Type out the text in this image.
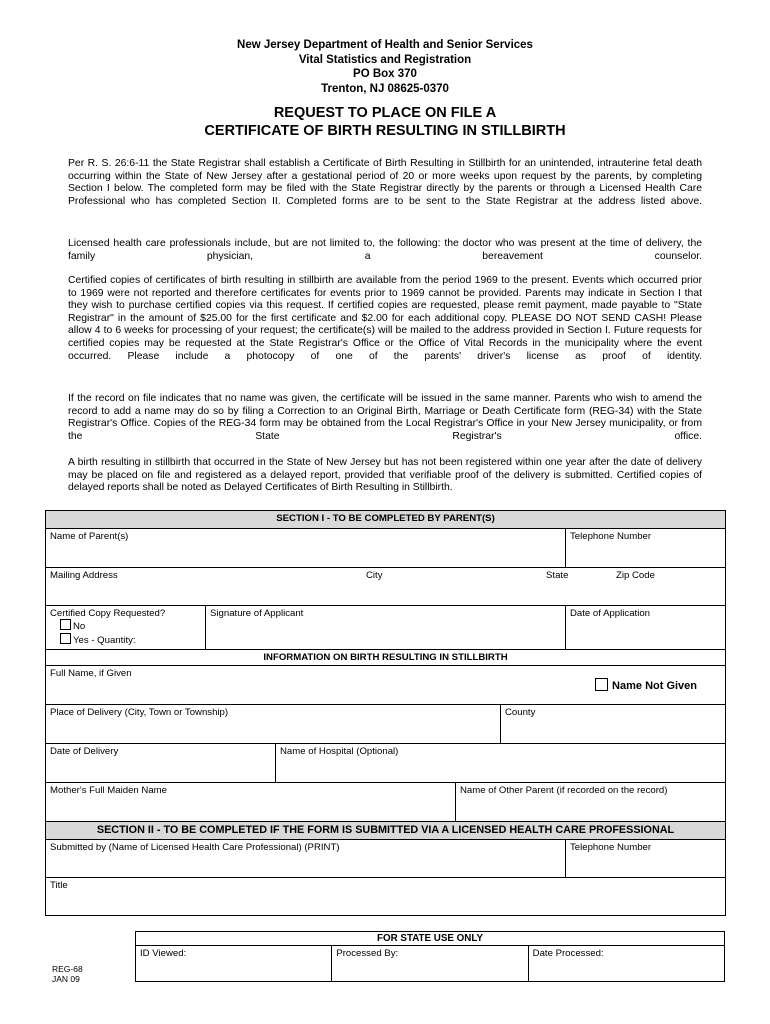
New Jersey Department of Health and Senior Services
Vital Statistics and Registration
PO Box 370
Trenton, NJ 08625-0370
REQUEST TO PLACE ON FILE A
CERTIFICATE OF BIRTH RESULTING IN STILLBIRTH

Per R. S. 26:6-11 the State Registrar shall establish a Certificate of Birth Resulting in Stillbirth for an unintended, intrauterine fetal death occurring within the State of New Jersey after a gestational period of 20 or more weeks upon request by the parents, by completing Section I below. The completed form may be filed with the State Registrar directly by the parents or through a Licensed Health Care Professional who has completed Section II. Completed forms are to be sent to the State Registrar at the address listed above.

Licensed health care professionals include, but are not limited to, the following: the doctor who was present at the time of delivery, the family physician, a bereavement counselor.

Certified copies of certificates of birth resulting in stillbirth are available from the period 1969 to the present. Events which occurred prior to 1969 were not reported and therefore certificates for events prior to 1969 cannot be provided. Parents may indicate in Section I that they wish to purchase certified copies via this request. If certified copies are requested, please remit payment, made payable to "State Registrar" in the amount of $25.00 for the first certificate and $2.00 for each additional copy. PLEASE DO NOT SEND CASH! Please allow 4 to 6 weeks for processing of your request; the certificate(s) will be mailed to the address provided in Section I. Future requests for certified copies may be requested at the State Registrar's Office or the Office of Vital Records in the municipality where the event occurred. Please include a photocopy of one of the parents' driver's license as proof of identity.

If the record on file indicates that no name was given, the certificate will be issued in the same manner. Parents who wish to amend the record to add a name may do so by filing a Correction to an Original Birth, Marriage or Death Certificate form (REG-34) with the State Registrar's Office. Copies of the REG-34 form may be obtained from the Local Registrar's Office in your New Jersey municipality, or from the State Registrar's office.

A birth resulting in stillbirth that occurred in the State of New Jersey but has not been registered within one year after the date of delivery may be placed on file and registered as a delayed report, provided that verifiable proof of the delivery is submitted. Certified copies of delayed reports shall be noted as Delayed Certificates of Birth Resulting in Stillbirth.

SECTION I - TO BE COMPLETED BY PARENT(S)					
Name of Parent(s)					Telephone Number
Mailing Address City State Zip Code					

Certified Copy Requested?
No
Yes - Quantity:	Signature of Applicant				Date of Application
INFORMATION ON BIRTH RESULTING IN STILLBIRTH					
Full Name, if Given
Name Not Given					

Place of Delivery (City, Town or Township)				County	
Date of Delivery		Name of Hospital (Optional)			
Mother's Full Maiden Name			Name of Other Parent (if recorded on the record)		
SECTION II - TO BE COMPLETED IF THE FORM IS SUBMITTED VIA A LICENSED HEALTH CARE PROFESSIONAL					
Submitted by (Name of Licensed Health Care Professional) (PRINT)					Telephone Number
Title					
FOR STATE USE ONLY
ID Viewed:	Processed By:	Date Processed:
REG-68
JAN 09
